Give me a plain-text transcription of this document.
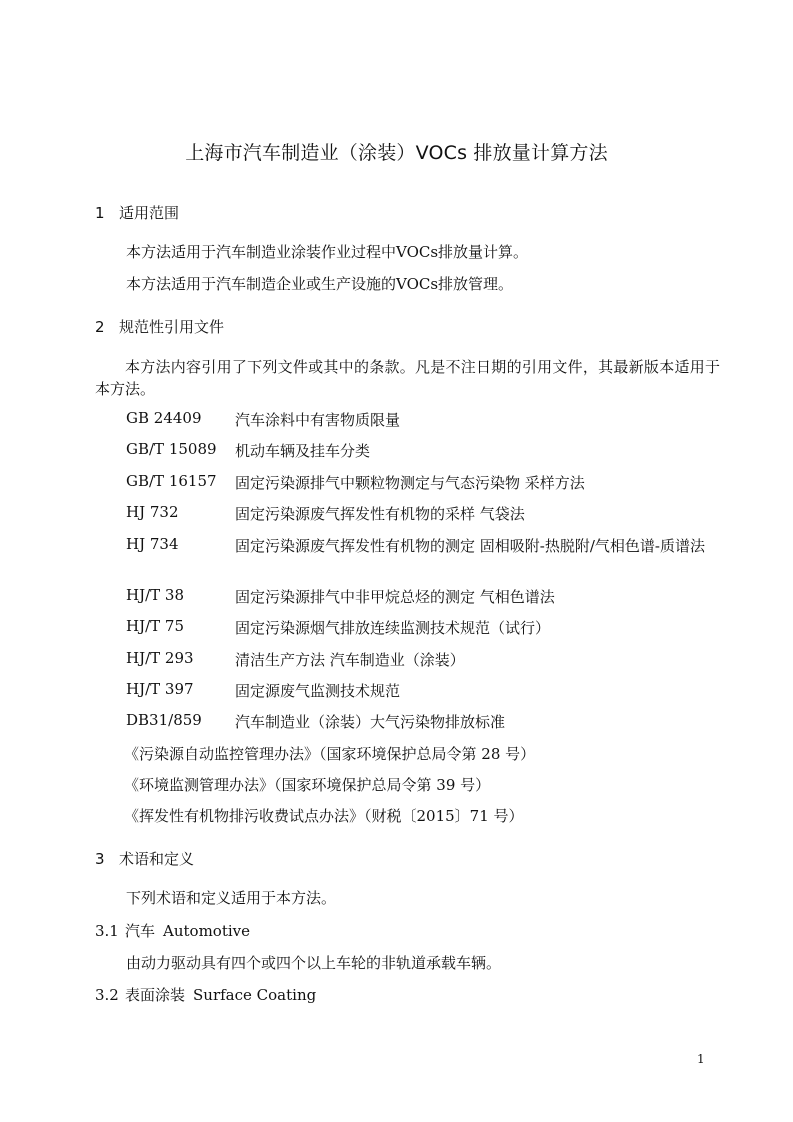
上海市汽车制造业（涂装）VOCs 排放量计算方法
1 适用范围
本方法适用于汽车制造业涂装作业过程中VOCs排放量计算。
本方法适用于汽车制造企业或生产设施的VOCs排放管理。
2 规范性引用文件
本方法内容引用了下列文件或其中的条款。凡是不注日期的引用文件，其最新版本适用于本方法。
GB 24409 汽车涂料中有害物质限量
GB/T 15089 机动车辆及挂车分类
GB/T 16157 固定污染源排气中颗粒物测定与气态污染物 采样方法
HJ 732	固定污染源废气挥发性有机物的采样 气袋法
HJ 734	固定污染源废气挥发性有机物的测定 固相吸附-热脱附/气相色谱-质谱法
HJ/T 38	固定污染源排气中非甲烷总烃的测定 气相色谱法
HJ/T 75	固定污染源烟气排放连续监测技术规范（试行）
HJ/T 293	清洁生产方法 汽车制造业（涂装）
HJ/T 397	固定源废气监测技术规范
DB31/859 汽车制造业（涂装）大气污染物排放标准
《污染源自动监控管理办法》（国家环境保护总局令第 28 号）
《环境监测管理办法》（国家环境保护总局令第 39 号）
《挥发性有机物排污收费试点办法》（财税〔2015〕71 号）
3 术语和定义
下列术语和定义适用于本方法。
3.1 汽车 Automotive
由动力驱动具有四个或四个以上车轮的非轨道承载车辆。
3.2 表面涂装 Surface Coating
1
